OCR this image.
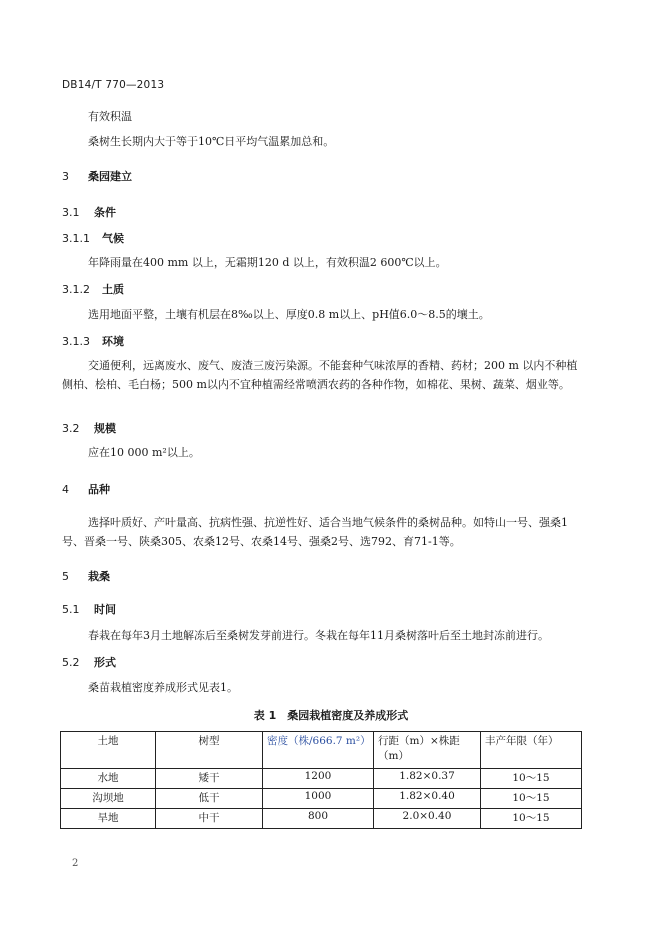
DB14/T 770—2013
有效积温
桑树生长期内大于等于10℃日平均气温累加总和。
3 桑园建立
3.1 条件
3.1.1 气候
年降雨量在400 mm 以上，无霜期120 d 以上，有效积温2 600℃以上。
3.1.2 土质
选用地面平整，土壤有机层在8‰以上、厚度0.8 m以上、pH值6.0～8.5的壤土。
3.1.3 环境
交通便利，远离废水、废气、废渣三废污染源。不能套种气味浓厚的香精、药材；200 m 以内不种植侧柏、桧柏、毛白杨；500 m以内不宜种植需经常喷洒农药的各种作物，如棉花、果树、蔬菜、烟业等。
3.2 规模
应在10 000 m²以上。
4 品种
选择叶质好、产叶量高、抗病性强、抗逆性好、适合当地气候条件的桑树品种。如特山一号、强桑1号、晋桑一号、陕桑305、农桑12号、农桑14号、强桑2号、选792、育71-1等。
5 栽桑
5.1 时间
春栽在每年3月土地解冻后至桑树发芽前进行。冬栽在每年11月桑树落叶后至土地封冻前进行。
5.2 形式
桑苗栽植密度养成形式见表1。
表 1　桑园栽植密度及养成形式
土地	树型	密度（株/666.7 m²）	行距（m）×株距（m）	丰产年限（年）
水地	矮干	1200	1.82×0.37	10～15
沟坝地	低干	1000	1.82×0.40	10～15
旱地	中干	800	2.0×0.40	10～15
2
